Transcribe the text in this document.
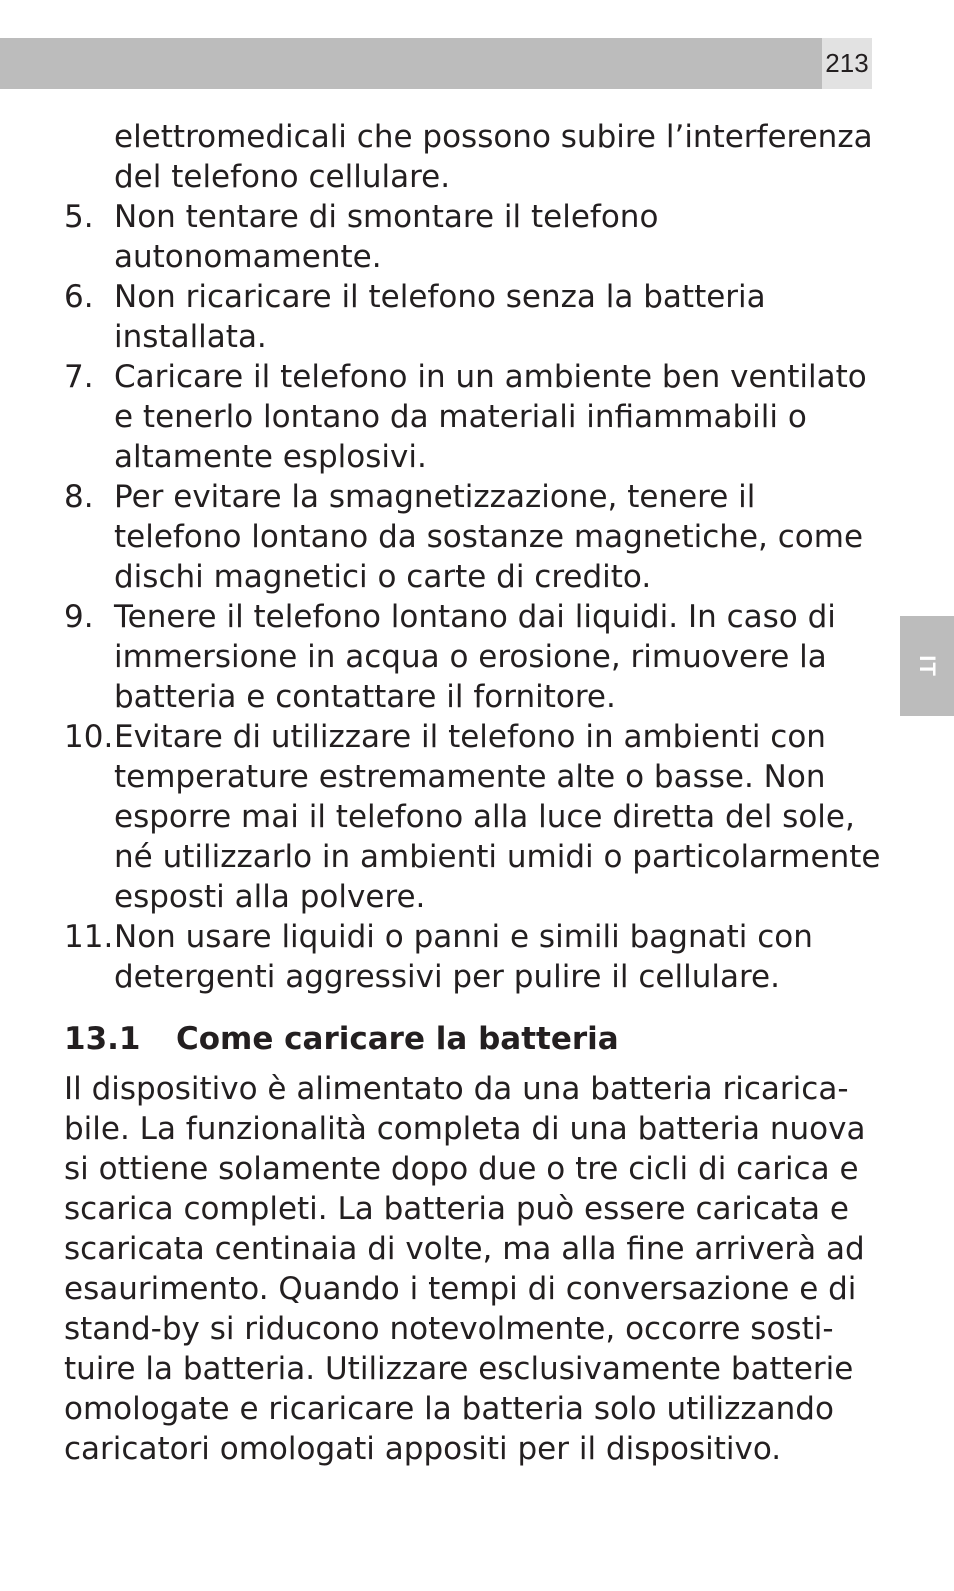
213
IT
elettromedicali che possono subire l’interferenza del telefono cellulare.
5. Non tentare di smontare il telefono autonomamente.
6. Non ricaricare il telefono senza la batteria installata.
7. Caricare il telefono in un ambiente ben ventilato e tenerlo lontano da materiali infiammabili o altamente esplosivi.
8. Per evitare la smagnetizzazione, tenere il telefono lontano da sostanze magnetiche, come dischi magnetici o carte di credito.
9. Tenere il telefono lontano dai liquidi. In caso di immersione in acqua o erosione, rimuovere la batteria e contattare il fornitore.
10. Evitare di utilizzare il telefono in ambienti con temperature estremamente alte o basse. Non esporre mai il telefono alla luce diretta del sole, né utilizzarlo in ambienti umidi o particolarmente esposti alla polvere.
11. Non usare liquidi o panni e simili bagnati con detergenti aggressivi per pulire il cellulare.
13.1	Come caricare la batteria

Il dispositivo è alimentato da una batteria ricarica-bile. La funzionalità completa di una batteria nuova si ottiene solamente dopo due o tre cicli di carica e scarica completi. La batteria può essere caricata e scaricata centinaia di volte, ma alla fine arriverà ad esaurimento. Quando i tempi di conversazione e di stand-by si riducono notevolmente, occorre sosti-tuire la batteria. Utilizzare esclusivamente batterie omologate e ricaricare la batteria solo utilizzando caricatori omologati appositi per il dispositivo.
